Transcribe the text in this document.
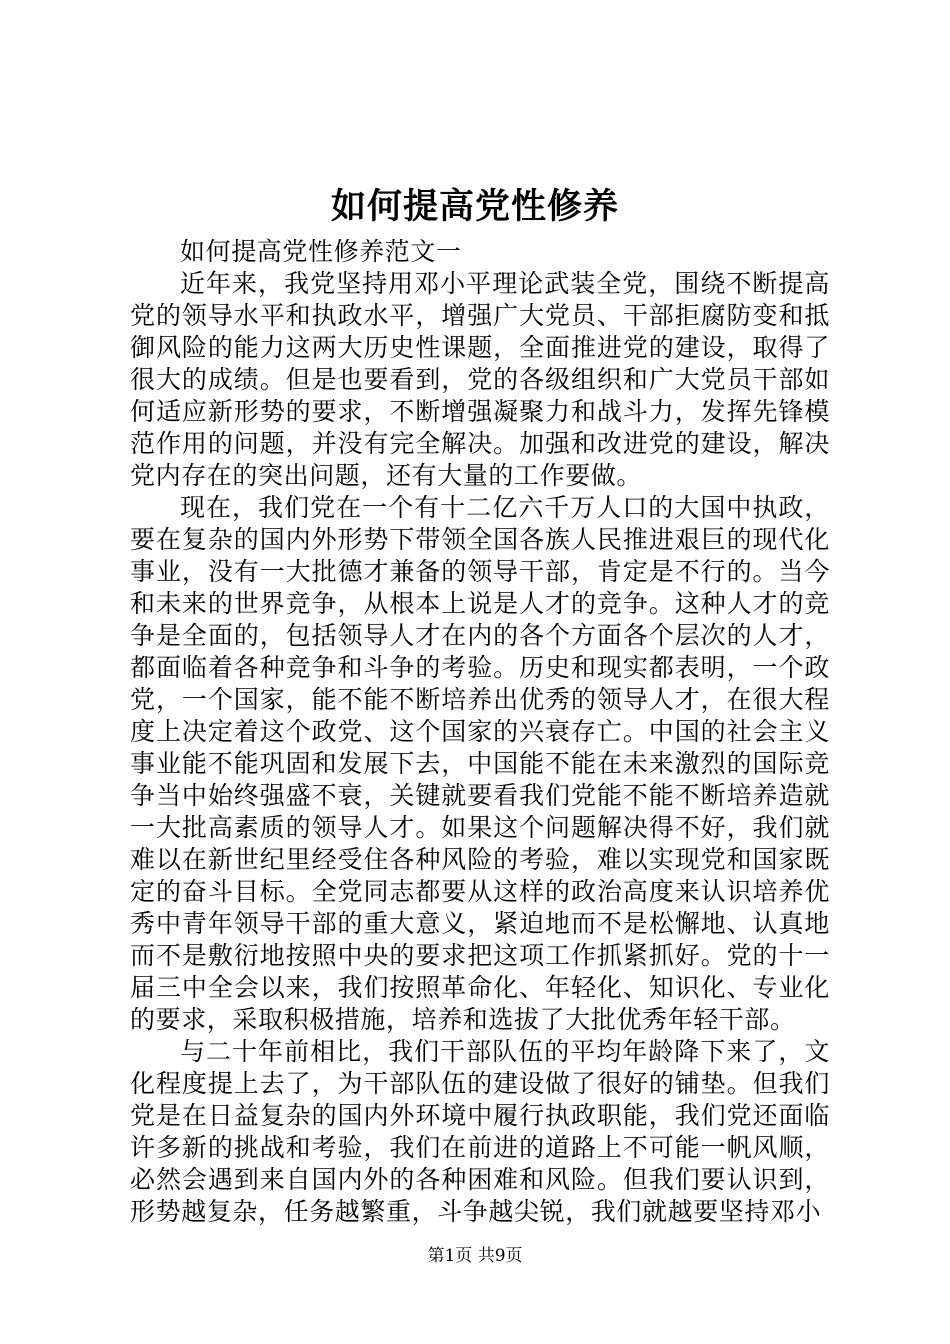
如何提高党性修养

如何提高党性修养范文一

近年来，我党坚持用邓小平理论武装全党，围绕不断提高党的领导水平和执政水平，增强广大党员、干部拒腐防变和抵御风险的能力这两大历史性课题，全面推进党的建设，取得了很大的成绩。但是也要看到，党的各级组织和广大党员干部如何适应新形势的要求，不断增强凝聚力和战斗力，发挥先锋模范作用的问题，并没有完全解决。加强和改进党的建设，解决党内存在的突出问题，还有大量的工作要做。

现在，我们党在一个有十二亿六千万人口的大国中执政，要在复杂的国内外形势下带领全国各族人民推进艰巨的现代化事业，没有一大批德才兼备的领导干部，肯定是不行的。当今和未来的世界竞争，从根本上说是人才的竞争。这种人才的竞争是全面的，包括领导人才在内的各个方面各个层次的人才，都面临着各种竞争和斗争的考验。历史和现实都表明，一个政党，一个国家，能不能不断培养出优秀的领导人才，在很大程度上决定着这个政党、这个国家的兴衰存亡。中国的社会主义事业能不能巩固和发展下去，中国能不能在未来激烈的国际竞争当中始终强盛不衰，关键就要看我们党能不能不断培养造就一大批高素质的领导人才。如果这个问题解决得不好，我们就难以在新世纪里经受住各种风险的考验，难以实现党和国家既定的奋斗目标。全党同志都要从这样的政治高度来认识培养优秀中青年领导干部的重大意义，紧迫地而不是松懈地、认真地而不是敷衍地按照中央的要求把这项工作抓紧抓好。党的十一届三中全会以来，我们按照革命化、年轻化、知识化、专业化的要求，采取积极措施，培养和选拔了大批优秀年轻干部。

与二十年前相比，我们干部队伍的平均年龄降下来了，文化程度提上去了，为干部队伍的建设做了很好的铺垫。但我们党是在日益复杂的国内外环境中履行执政职能，我们党还面临许多新的挑战和考验，我们在前进的道路上不可能一帆风顺，必然会遇到来自国内外的各种困难和风险。但我们要认识到，形势越复杂，任务越繁重，斗争越尖锐，我们就越要坚持邓小

第1页 共9页
